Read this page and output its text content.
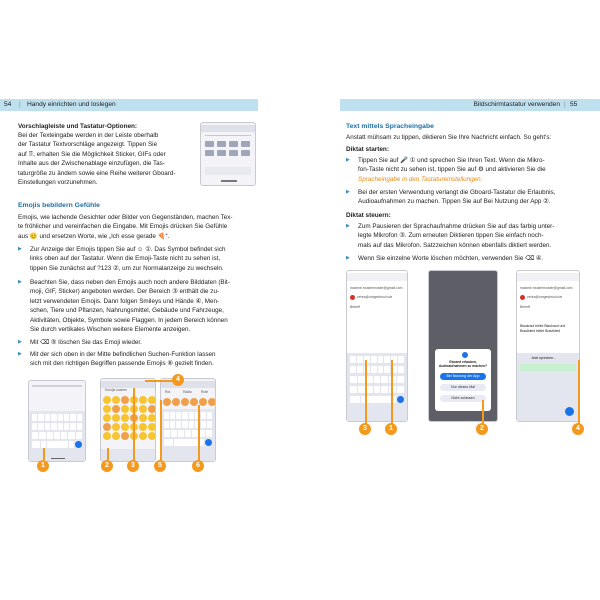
54 | Handy einrichten und loslegen
Vorschlagleiste und Tastatur-Optionen:
Bei der Texteingabe werden in der Leiste oberhalb
der Tastatur Textvorschläge angezeigt. Tippen Sie
auf ⠿, erhalten Sie die Möglichkeit Sticker, GIFs oder
Inhalte aus der Zwischenablage einzufügen, die Tas-
taturgröße zu ändern sowie eine Reihe weiterer Gboard-
Einstellungen vorzunehmen.
Emojis bebildern Gefühle
Emojis, wie lachende Gesichter oder Bilder von Gegenständen, machen Tex-
te fröhlicher und vereinfachen die Eingabe. Mit Emojis drücken Sie Gefühle
aus 😊 und ersetzen Worte, wie „Ich esse gerade 🍕“.
▶ Zur Anzeige der Emojis tippen Sie auf ☺ ①. Das Symbol befindet sich
links oben auf der Tastatur. Wenn die Emoji-Taste nicht zu sehen ist,
tippen Sie zunächst auf ?123 ②, um zur Normalanzeige zu wechseln.
▶ Beachten Sie, dass neben den Emojis auch noch andere Bilddaten (Bit-
moji, GIF, Sticker) angeboten werden. Der Bereich ③ enthält die zu-
letzt verwendeten Emojis. Dann folgen Smileys und Hände ④, Men-
schen, Tiere und Pflanzen, Nahrungsmittel, Gebäude und Fahrzeuge,
Aktivitäten, Objekte, Symbole sowie Flaggen. In jedem Bereich können
Sie durch vertikales Wischen weitere Elemente anzeigen.
▶ Mit ⌫ ⑤ löschen Sie das Emoji wieder.
▶ Mit der sich oben in der Mitte befindlichen Suchen-Funktion lassen
sich mit den richtigen Begriffen passende Emojis ⑥ gezielt finden.
Emojis suchen	Rot	Radio	Rote
1	2	3
4
5	6
Bildschirmtastatur verwenden | 55
Text mittels Spracheingabe
Anstatt mühsam zu tippen, diktieren Sie Ihre Nachricht einfach. So geht's:
Diktat starten:
▶ Tippen Sie auf 🎤 ① und sprechen Sie Ihren Text. Wenn die Mikro-
fon-Taste nicht zu sehen ist, tippen Sie auf ⚙ und aktivieren Sie die
Spracheingabe in den Tastatureinstellungen.
▶ Bei der ersten Verwendung verlangt die Gboard-Tastatur die Erlaubnis,
Audioaufnahmen zu machen. Tippen Sie auf Bei Nutzung der App ②.
Diktat steuern:
▶ Zum Pausieren der Sprachaufnahme drücken Sie auf das farbig unter-
legte Mikrofon ③. Zum erneuten Diktieren tippen Sie einfach noch-
mals auf das Mikrofon. Satzzeichen können ebenfalls diktiert werden.
▶ Wenn Sie einzelne Worte löschen möchten, verwenden Sie ⌫ ④.
maxime.mustermuster@gmail.com
zehra@umgesbruch.de
Betreff
Gboard erlauben, Audioaufnahmen zu machen?
Bei Nutzung der App
Nur dieses Mal
Nicht zulassen
maxime.mustermuster@gmail.com
zehra@umgesbruch.de
Betreff
Blaukraut bleibt Blaukraut und
Brautkleid bleibt Brautkleid
Jetzt sprechen...
1	2
3	4
